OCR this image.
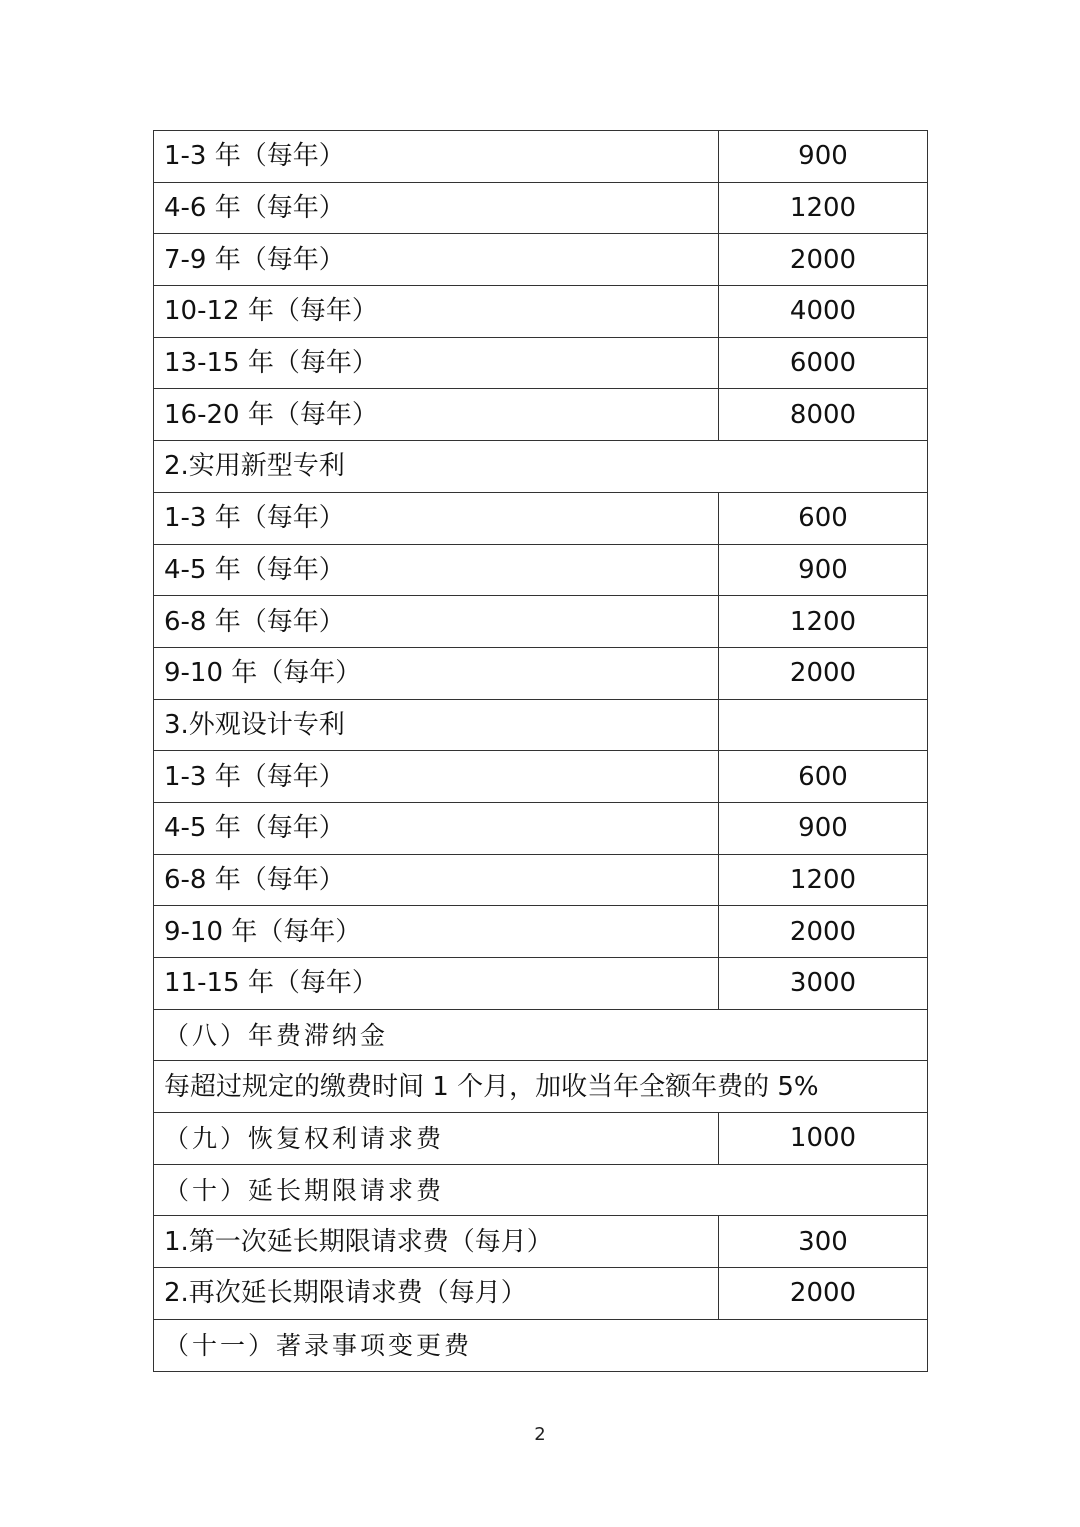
1-3 年（每年）	900
4-6 年（每年）	1200
7-9 年（每年）	2000
10-12 年（每年）	4000
13-15 年（每年）	6000
16-20 年（每年）	8000
2.实用新型专利	
1-3 年（每年）	600
4-5 年（每年）	900
6-8 年（每年）	1200
9-10 年（每年）	2000
3.外观设计专利	
1-3 年（每年）	600
4-5 年（每年）	900
6-8 年（每年）	1200
9-10 年（每年）	2000
11-15 年（每年）	3000
（八）年费滞纳金	
每超过规定的缴费时间 1 个月，加收当年全额年费的 5%	
（九）恢复权利请求费	1000
（十）延长期限请求费	
1.第一次延长期限请求费（每月）	300
2.再次延长期限请求费（每月）	2000
（十一）著录事项变更费	
2
